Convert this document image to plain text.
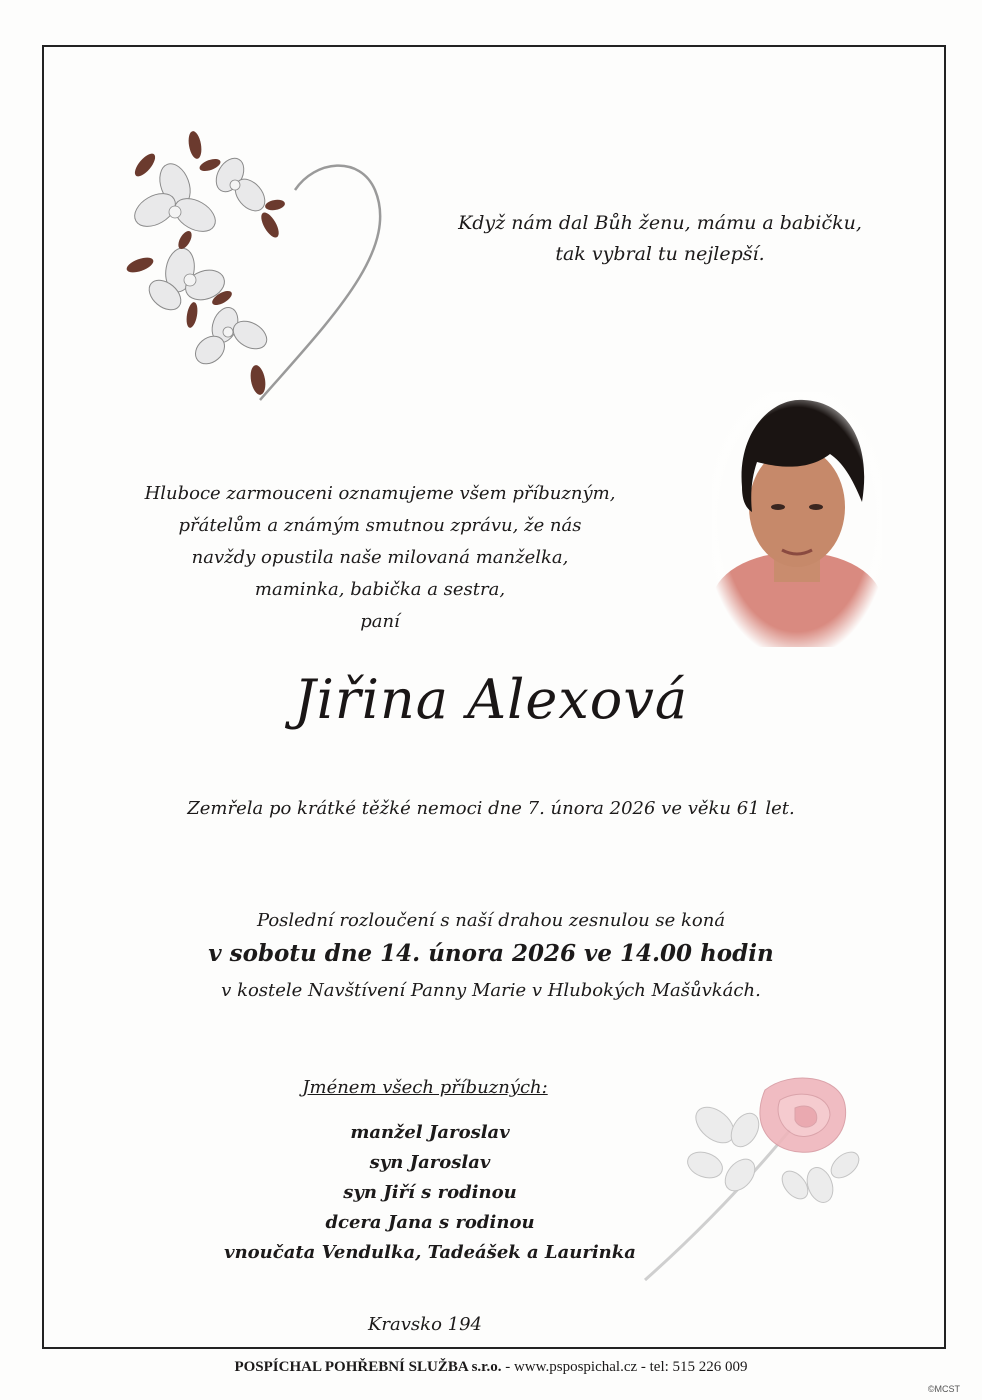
Když nám dal Bůh ženu, mámu a babičku,
tak vybral tu nejlepší.
Hluboce zarmouceni oznamujeme všem příbuzným,
přátelům a známým smutnou zprávu, že nás
navždy opustila naše milovaná manželka,
maminka, babička a sestra,
paní
Jiřina Alexová
Zemřela po krátké těžké nemoci dne 7. února 2026 ve věku 61 let.
Poslední rozloučení s naší drahou zesnulou se koná
v sobotu dne 14. února 2026 ve 14.00 hodin
v kostele Navštívení Panny Marie v Hlubokých Mašůvkách.
Jménem všech příbuzných:
manžel Jaroslav
syn Jaroslav
syn Jiří s rodinou
dcera Jana s rodinou
vnoučata Vendulka, Tadeášek a Laurinka
Kravsko 194
POSPÍCHAL POHŘEBNÍ SLUŽBA s.r.o. - www.pspospichal.cz - tel: 515 226 009
©MCST
